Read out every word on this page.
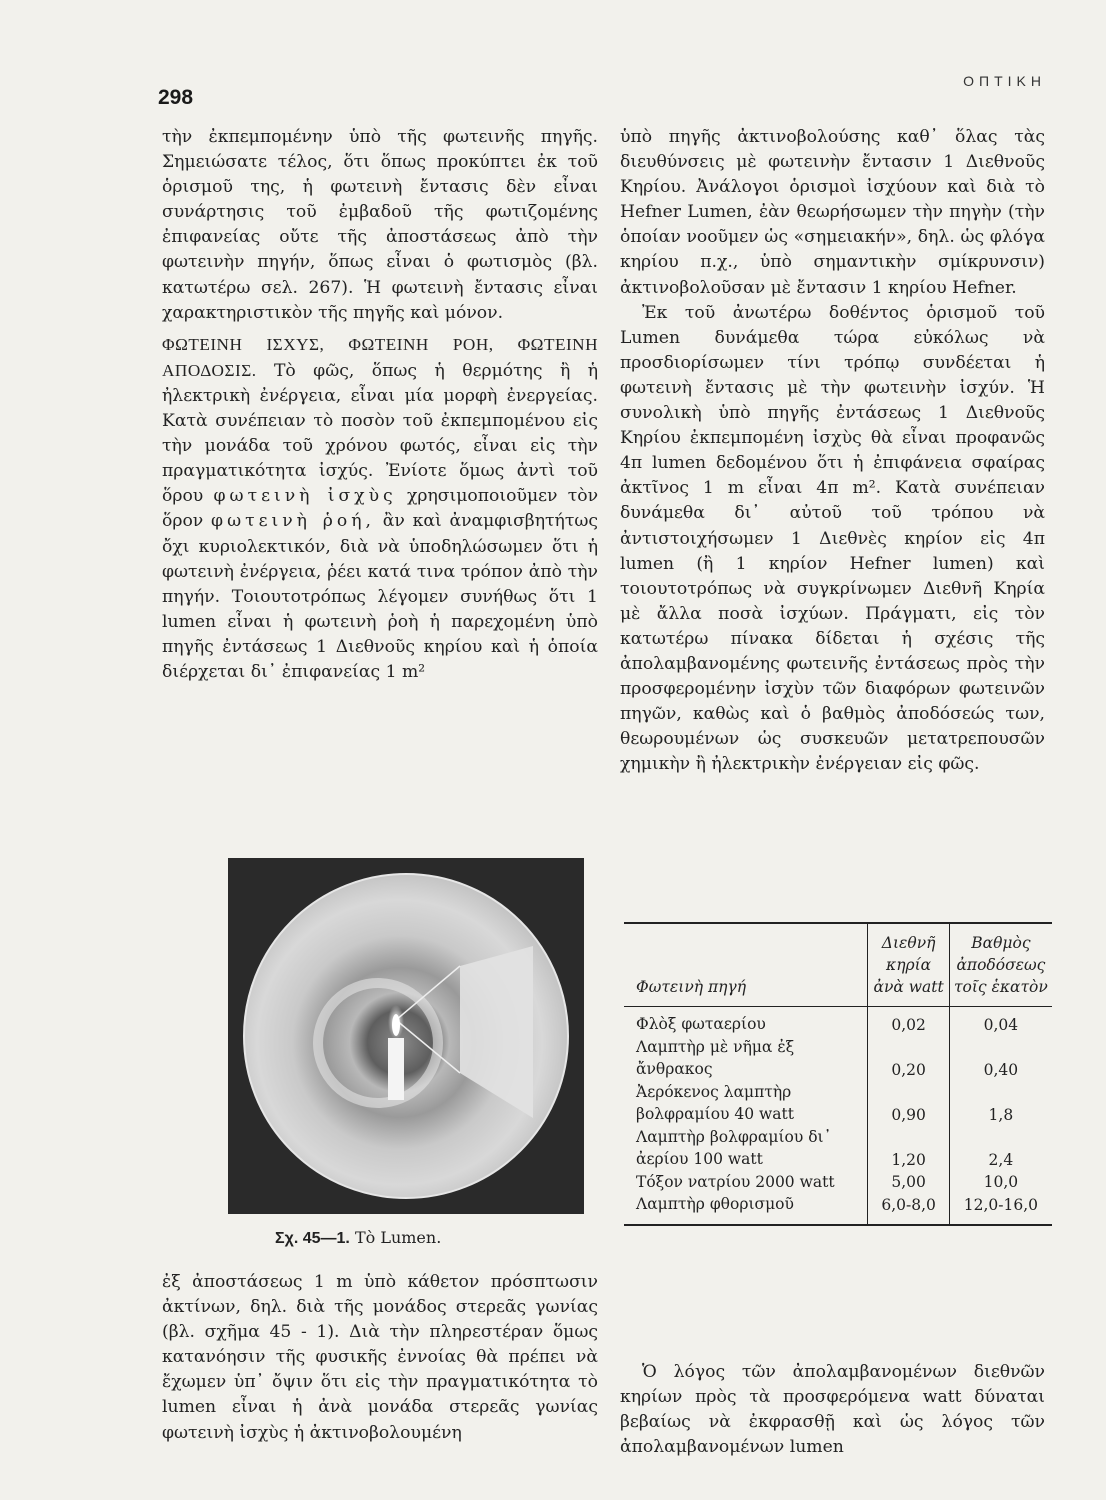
298
ΟΠΤΙΚΗ

τὴν ἐκπεμπομένην ὑπὸ τῆς φωτεινῆς πηγῆς. Σημειώσατε τέλος, ὅτι ὅπως προκύπτει ἐκ τοῦ ὁρισμοῦ της, ἡ φωτεινὴ ἔντασις δὲν εἶναι συνάρτησις τοῦ ἐμβαδοῦ τῆς φωτιζομένης ἐπιφανείας οὔτε τῆς ἀποστάσεως ἀπὸ τὴν φωτεινὴν πηγήν, ὅπως εἶναι ὁ φωτισμὸς (βλ. κατωτέρω σελ. 267). Ἡ φωτεινὴ ἔντασις εἶναι χαρακτηριστικὸν τῆς πηγῆς καὶ μόνον.

ΦΩΤΕΙΝΗ ΙΣΧΥΣ, ΦΩΤΕΙΝΗ ΡΟΗ, ΦΩΤΕΙΝΗ ΑΠΟΔΟΣΙΣ. Τὸ φῶς, ὅπως ἡ θερμότης ἢ ἡ ἠλεκτρικὴ ἐνέργεια, εἶναι μία μορφὴ ἐνεργείας. Κατὰ συνέπειαν τὸ ποσὸν τοῦ ἐκπεμπομένου εἰς τὴν μονάδα τοῦ χρόνου φωτός, εἶναι εἰς τὴν πραγματικότητα ἰσχύς. Ἐνίοτε ὅμως ἀντὶ τοῦ ὅρου φωτεινὴ ἰσχὺς χρησιμοποιοῦμεν τὸν ὅρον φωτεινὴ ῥοή, ἂν καὶ ἀναμφισβητήτως ὄχι κυριολεκτικόν, διὰ νὰ ὑποδηλώσωμεν ὅτι ἡ φωτεινὴ ἐνέργεια, ῥέει κατά τινα τρόπον ἀπὸ τὴν πηγήν. Τοιουτοτρόπως λέγομεν συνήθως ὅτι 1 lumen εἶναι ἡ φωτεινὴ ῥοὴ ἡ παρεχομένη ὑπὸ πηγῆς ἐντάσεως 1 Διεθνοῦς κηρίου καὶ ἡ ὁποία διέρχεται δι᾽ ἐπιφανείας 1 m²

Σχ. 45—1. Τὸ Lumen.

ἐξ ἀποστάσεως 1 m ὑπὸ κάθετον πρόσπτωσιν ἀκτίνων, δηλ. διὰ τῆς μονάδος στερεᾶς γωνίας (βλ. σχῆμα 45 - 1). Διὰ τὴν πληρεστέραν ὅμως κατανόησιν τῆς φυσικῆς ἐννοίας θὰ πρέπει νὰ ἔχωμεν ὑπ᾽ ὄψιν ὅτι εἰς τὴν πραγματικότητα τὸ lumen εἶναι ἡ ἀνὰ μονάδα στερεᾶς γωνίας φωτεινὴ ἰσχὺς ἡ ἀκτινοβολουμένη

ὑπὸ πηγῆς ἀκτινοβολούσης καθ᾽ ὅλας τὰς διευθύνσεις μὲ φωτεινὴν ἔντασιν 1 Διεθνοῦς Κηρίου. Ἀνάλογοι ὁρισμοὶ ἰσχύουν καὶ διὰ τὸ Hefner Lumen, ἐὰν θεωρήσωμεν τὴν πηγὴν (τὴν ὁποίαν νοοῦμεν ὡς «σημειακήν», δηλ. ὡς φλόγα κηρίου π.χ., ὑπὸ σημαντικὴν σμίκρυνσιν) ἀκτινοβολοῦσαν μὲ ἔντασιν 1 κηρίου Hefner.

Ἐκ τοῦ ἀνωτέρω δοθέντος ὁρισμοῦ τοῦ Lumen δυνάμεθα τώρα εὐκόλως νὰ προσδιορίσωμεν τίνι τρόπῳ συνδέεται ἡ φωτεινὴ ἔντασις μὲ τὴν φωτεινὴν ἰσχύν. Ἡ συνολικὴ ὑπὸ πηγῆς ἐντάσεως 1 Διεθνοῦς Κηρίου ἐκπεμπομένη ἰσχὺς θὰ εἶναι προφανῶς 4π lumen δεδομένου ὅτι ἡ ἐπιφάνεια σφαίρας ἀκτῖνος 1 m εἶναι 4π m². Κατὰ συνέπειαν δυνάμεθα δι᾽ αὐτοῦ τοῦ τρόπου νὰ ἀντιστοιχήσωμεν 1 Διεθνὲς κηρίον εἰς 4π lumen (ἢ 1 κηρίον Hefner lumen) καὶ τοιουτοτρόπως νὰ συγκρίνωμεν Διεθνῆ Κηρία μὲ ἄλλα ποσὰ ἰσχύων. Πράγματι, εἰς τὸν κατωτέρω πίνακα δίδεται ἡ σχέσις τῆς ἀπολαμβανομένης φωτεινῆς ἐντάσεως πρὸς τὴν προσφερομένην ἰσχὺν τῶν διαφόρων φωτεινῶν πηγῶν, καθὼς καὶ ὁ βαθμὸς ἀποδόσεώς των, θεωρουμένων ὡς συσκευῶν μετατρεπουσῶν χημικὴν ἢ ἠλεκτρικὴν ἐνέργειαν εἰς φῶς.

Φωτεινὴ πηγή	Διεθνῆ κηρία ἀνὰ watt	Βαθμὸς ἀποδόσεως τοῖς ἑκατὸν
Φλὸξ φωταερίου	0,02	0,04
Λαμπτὴρ μὲ νῆμα ἐξ ἄνθρακος	0,20	0,40
Ἀερόκενος λαμπτὴρ βολφραμίου 40 watt	0,90	1,8
Λαμπτὴρ βολφραμίου δι᾽ ἀερίου 100 watt	1,20	2,4
Τόξον νατρίου 2000 watt	5,00	10,0
Λαμπτὴρ φθορισμοῦ	6,0-8,0	12,0-16,0

Ὁ λόγος τῶν ἀπολαμβανομένων διεθνῶν κηρίων πρὸς τὰ προσφερόμενα watt δύναται βεβαίως νὰ ἐκφρασθῇ καὶ ὡς λόγος τῶν ἀπολαμβανομένων lumen
